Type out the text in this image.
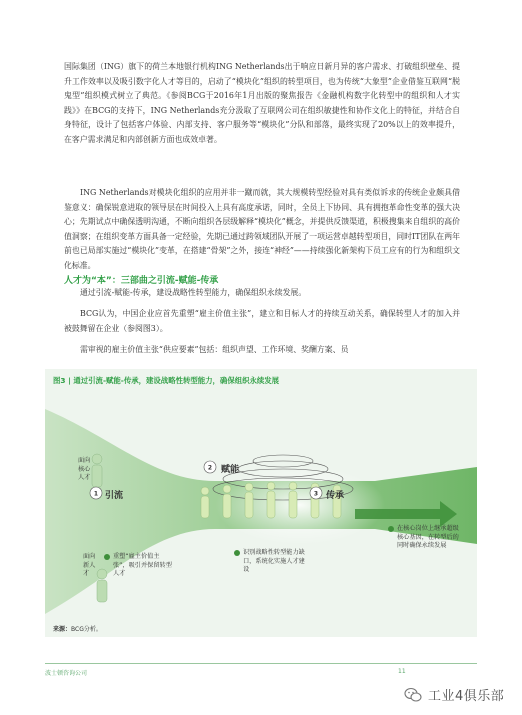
国际集团（ING）旗下的荷兰本地银行机构ING Netherlands出于响应日新月异的客户需求、打破组织壁垒、提升工作效率以及吸引数字化人才等目的，启动了“模块化”组织的转型项目，也为传统“大象型”企业借鉴互联网“脱鬼型”组织模式树立了典范。《参阅BCG于2016年1月出版的聚焦报告《金融机构数字化转型中的组织和人才实践》》在BCG的支持下，ING Netherlands充分汲取了互联网公司在组织敏捷性和协作文化上的特征，并结合自身特征，设计了包括客户体验、内部支持、客户服务等“模块化”分队和部落，最终实现了20%以上的效率提升，在客户需求满足和内部创新方面也成效卓著。

ING Netherlands对模块化组织的应用并非一蹴而就，其大规模转型经验对具有类似诉求的传统企业颇具借鉴意义：确保锐意进取的领导层在时间投入上具有高度承诺，同时，全员上下协同、具有拥抱革命性变革的强大决心；先期试点中确保透明沟通，不断向组织各层级解释“模块化”概念，并提供反馈渠道，积极搜集来自组织的高价值洞察；在组织变革方面具备一定经验，先期已通过跨领域团队开展了一项运营卓越转型项目，同时IT团队在两年前也已局部实施过“模块化”变革，在搭建“骨架”之外，接连“神经”——持续强化新架构下员工应有的行为和组织文化标准。

人才为“本”：三部曲之引流-赋能-传承

通过引流-赋能-传承，建设战略性转型能力，确保组织永续发展。

BCG认为，中国企业应首先重塑“雇主价值主张”，建立和目标人才的持续互动关系，确保转型人才的加入并被鼓舞留在企业（参阅图3）。

需审视的雇主价值主张“供应要素”包括：组织声望、工作环境、奖酬方案、员

1
2
3
图3 | 通过引流-赋能-传承，建设战略性转型能力，确保组织永续发展
面向核心人才
面向新人才
引流
赋能
传承
重塑“雇主价值主张”，吸引并保留转型人才
识别战略性转型能力缺口，系统化实施人才建设
在核心岗位上继承超级核心基因，在转型后的同时确保永续发展
来源：BCG分析。
波士顿咨询公司	11
工业4俱乐部
